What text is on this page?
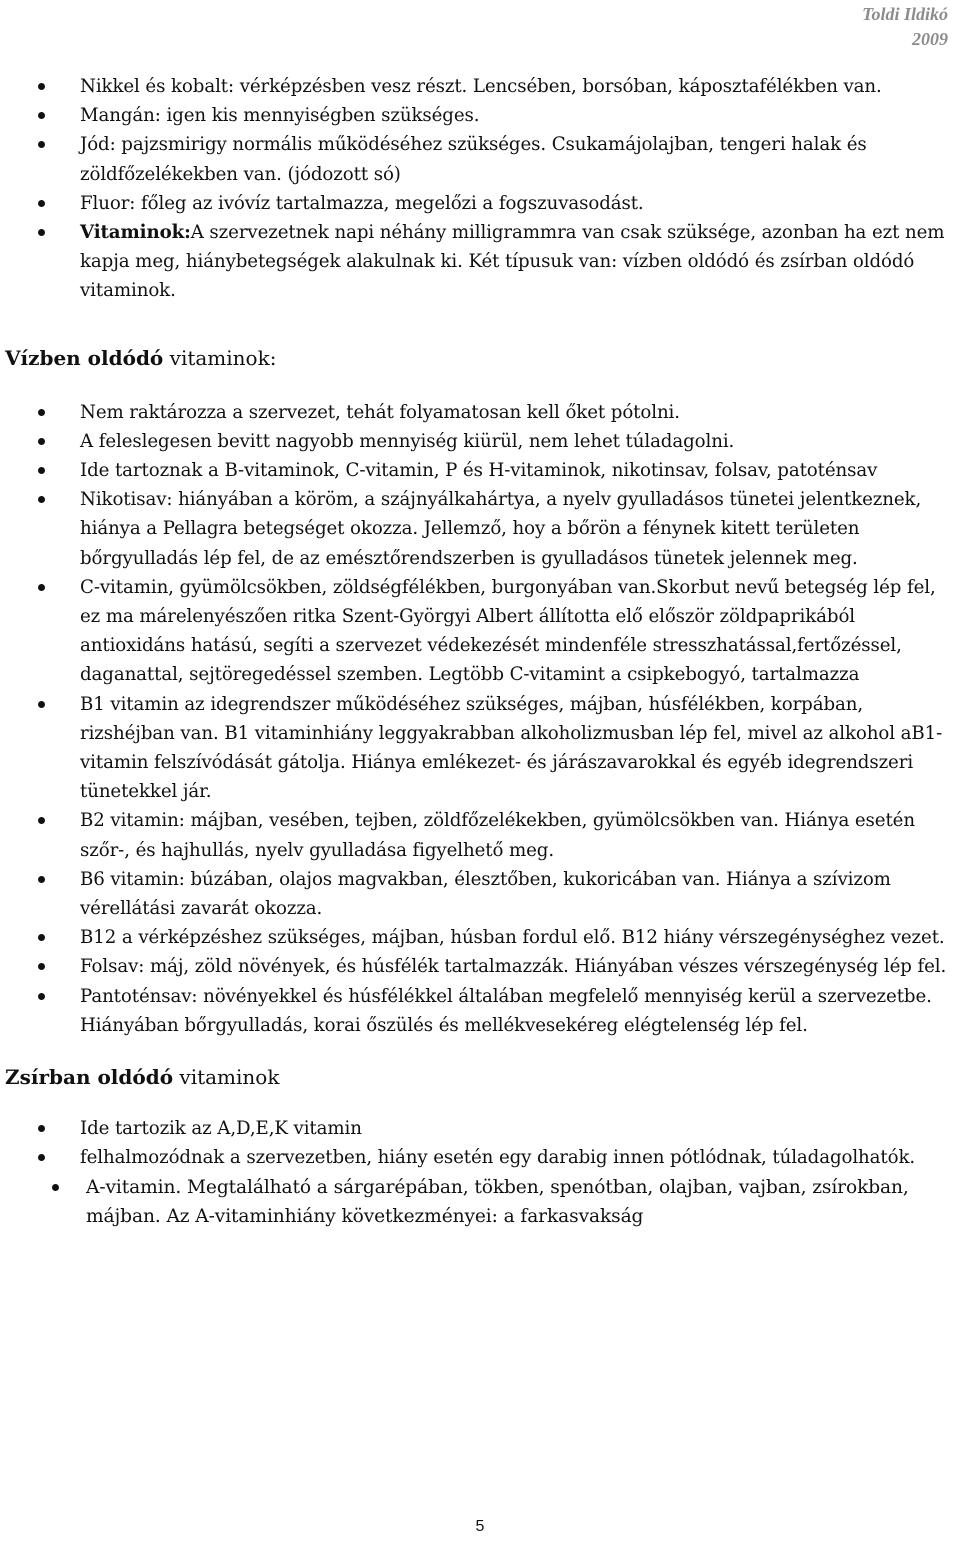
Toldi Ildikó
2009
Nikkel és kobalt: vérképzésben vesz részt. Lencsében, borsóban, káposztafélékben van.
Mangán: igen kis mennyiségben szükséges.
Jód: pajzsmirigy normális működéséhez szükséges. Csukamájolajban, tengeri halak és zöldfőzelékekben van. (jódozott só)
Fluor: főleg az ivóvíz tartalmazza, megelőzi a fogszuvasodást.
Vitaminok:A szervezetnek napi néhány milligrammra van csak szüksége, azonban ha ezt nem kapja meg, hiánybetegségek alakulnak ki. Két típusuk van: vízben oldódó és zsírban oldódó vitaminok.

Vízben oldódó vitaminok:

Nem raktározza a szervezet, tehát folyamatosan kell őket pótolni.
A feleslegesen bevitt nagyobb mennyiség kiürül, nem lehet túladagolni.
Ide tartoznak a B-vitaminok, C-vitamin, P és H-vitaminok, nikotinsav, folsav, patoténsav
Nikotisav: hiányában a köröm, a szájnyálkahártya, a nyelv gyulladásos tünetei jelentkeznek, hiánya a Pellagra betegséget okozza. Jellemző, hoy a bőrön a fénynek kitett területen bőrgyulladás lép fel, de az emésztőrendszerben is gyulladásos tünetek jelennek meg.
C-vitamin, gyümölcsökben, zöldségfélékben, burgonyában van.Skorbut nevű betegség lép fel, ez ma márelenyészően ritka Szent-Györgyi Albert állította elő először zöldpaprikából antioxidáns hatású, segíti a szervezet védekezését mindenféle stresszhatással,fertőzéssel, daganattal, sejtöregedéssel szemben. Legtöbb C-vitamint a csipkebogyó, tartalmazza
B1 vitamin az idegrendszer működéséhez szükséges, májban, húsfélékben, korpában, rizshéjban van. B1 vitaminhiány leggyakrabban alkoholizmusban lép fel, mivel az alkohol aB1-vitamin felszívódását gátolja. Hiánya emlékezet- és járászavarokkal és egyéb idegrendszeri tünetekkel jár.
B2 vitamin: májban, vesében, tejben, zöldfőzelékekben, gyümölcsökben van. Hiánya esetén szőr-, és hajhullás, nyelv gyulladása figyelhető meg.
B6 vitamin: búzában, olajos magvakban, élesztőben, kukoricában van. Hiánya a szívizom vérellátási zavarát okozza.
B12 a vérképzéshez szükséges, májban, húsban fordul elő. B12 hiány vérszegénységhez vezet.
Folsav: máj, zöld növények, és húsfélék tartalmazzák. Hiányában vészes vérszegénység lép fel.
Pantoténsav: növényekkel és húsfélékkel általában megfelelő mennyiség kerül a szervezetbe. Hiányában bőrgyulladás, korai őszülés és mellékvesekéreg elégtelenség lép fel.

Zsírban oldódó vitaminok

Ide tartozik az A,D,E,K vitamin
felhalmozódnak a szervezetben, hiány esetén egy darabig innen pótlódnak, túladagolhatók.
A-vitamin. Megtalálható a sárgarépában, tökben, spenótban, olajban, vajban, zsírokban, májban. Az A-vitaminhiány következményei: a farkasvakság
5
